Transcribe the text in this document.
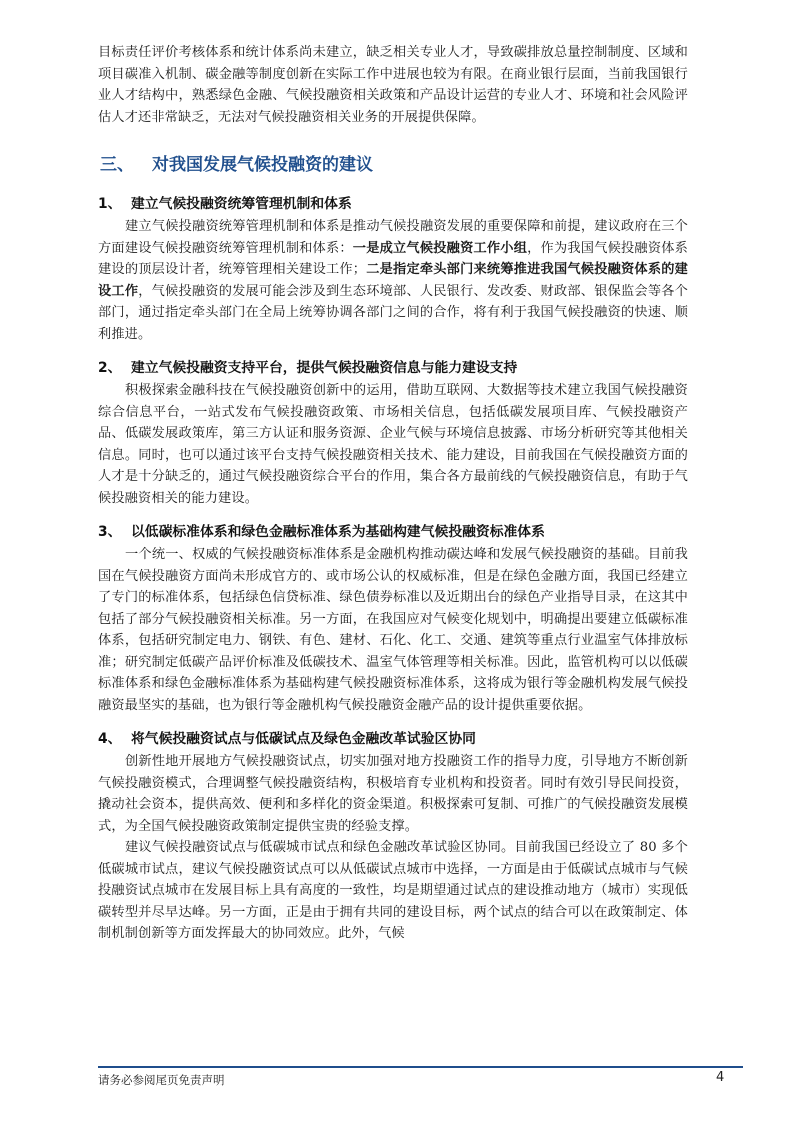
目标责任评价考核体系和统计体系尚未建立，缺乏相关专业人才，导致碳排放总量控制制度、区域和项目碳准入机制、碳金融等制度创新在实际工作中进展也较为有限。在商业银行层面，当前我国银行业人才结构中，熟悉绿色金融、气候投融资相关政策和产品设计运营的专业人才、环境和社会风险评估人才还非常缺乏，无法对气候投融资相关业务的开展提供保障。

三、	对我国发展气候投融资的建议
1、 建立气候投融资统筹管理机制和体系

建立气候投融资统筹管理机制和体系是推动气候投融资发展的重要保障和前提，建议政府在三个方面建设气候投融资统筹管理机制和体系：一是成立气候投融资工作小组，作为我国气候投融资体系建设的顶层设计者，统筹管理相关建设工作；二是指定牵头部门来统筹推进我国气候投融资体系的建设工作，气候投融资的发展可能会涉及到生态环境部、人民银行、发改委、财政部、银保监会等各个部门，通过指定牵头部门在全局上统筹协调各部门之间的合作，将有利于我国气候投融资的快速、顺利推进。

2、 建立气候投融资支持平台，提供气候投融资信息与能力建设支持

积极探索金融科技在气候投融资创新中的运用，借助互联网、大数据等技术建立我国气候投融资综合信息平台，一站式发布气候投融资政策、市场相关信息，包括低碳发展项目库、气候投融资产品、低碳发展政策库，第三方认证和服务资源、企业气候与环境信息披露、市场分析研究等其他相关信息。同时，也可以通过该平台支持气候投融资相关技术、能力建设，目前我国在气候投融资方面的人才是十分缺乏的，通过气候投融资综合平台的作用，集合各方最前线的气候投融资信息，有助于气候投融资相关的能力建设。

3、 以低碳标准体系和绿色金融标准体系为基础构建气候投融资标准体系

一个统一、权威的气候投融资标准体系是金融机构推动碳达峰和发展气候投融资的基础。目前我国在气候投融资方面尚未形成官方的、或市场公认的权威标准，但是在绿色金融方面，我国已经建立了专门的标准体系，包括绿色信贷标准、绿色债券标准以及近期出台的绿色产业指导目录，在这其中包括了部分气候投融资相关标准。另一方面，在我国应对气候变化规划中，明确提出要建立低碳标准体系，包括研究制定电力、钢铁、有色、建材、石化、化工、交通、建筑等重点行业温室气体排放标准；研究制定低碳产品评价标准及低碳技术、温室气体管理等相关标准。因此，监管机构可以以低碳标准体系和绿色金融标准体系为基础构建气候投融资标准体系，这将成为银行等金融机构发展气候投融资最坚实的基础，也为银行等金融机构气候投融资金融产品的设计提供重要依据。

4、 将气候投融资试点与低碳试点及绿色金融改革试验区协同

创新性地开展地方气候投融资试点，切实加强对地方投融资工作的指导力度，引导地方不断创新气候投融资模式，合理调整气候投融资结构，积极培育专业机构和投资者。同时有效引导民间投资，撬动社会资本，提供高效、便利和多样化的资金渠道。积极探索可复制、可推广的气候投融资发展模式，为全国气候投融资政策制定提供宝贵的经验支撑。

建议气候投融资试点与低碳城市试点和绿色金融改革试验区协同。目前我国已经设立了 80 多个低碳城市试点，建议气候投融资试点可以从低碳试点城市中选择，一方面是由于低碳试点城市与气候投融资试点城市在发展目标上具有高度的一致性，均是期望通过试点的建设推动地方（城市）实现低碳转型并尽早达峰。另一方面，正是由于拥有共同的建设目标，两个试点的结合可以在政策制定、体制机制创新等方面发挥最大的协同效应。此外，气候

请务必参阅尾页免责声明	4
